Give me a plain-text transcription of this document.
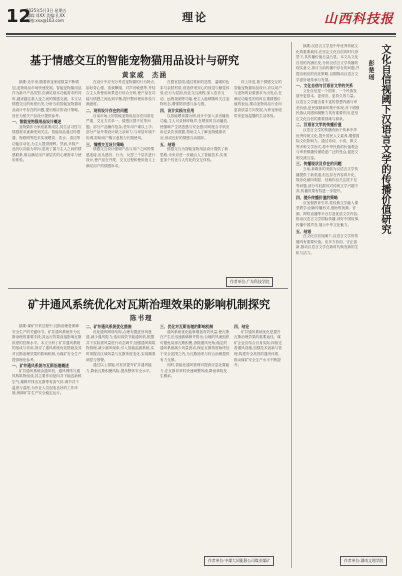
12
2025年5月3日 星期五
编辑:刘XX 美编:孔XX
邮箱:xxx@163.com	理论	山西科技报
基于情感交互的智能宠物猫用品设计与研究
黄家威　杰涵

摘要:近年来,随着养宠家庭数量不断增加,宠物用品市场快速发展。智能宠物猫用品作为新兴产品类型,在满足基本功能需求的同时,越来越注重人宠之间的情感交流。本文从情感交互的角度出发,分析当前智能宠物猫用品设计中存在的问题,提出相应的设计策略,旨在为相关产品设计提供参考。

一、智能宠物猫用品设计概述

宠物猫作为家庭重要成员,其生活习性与情感需求逐渐受到关注。智能用品通过传感器、物联网等技术实现喂食、饮水、清洁等功能自动化,为主人提供便利。然而,多数产品仍以功能为导向,忽视了猫与主人之间的情感联系,难以满足用户深层次的心理需求与使用体验。

在设计中应充分考虑宠物猫的行为特点,如好奇心强、喜欢攀爬、对声音敏感等,并结合主人的使用场景进行综合分析,使产品在功能与情感之间达到平衡,提升整体使用体验与满意度。

二、现有设计存在的问题

目前市场上的智能宠物用品存在同质化严重、交互方式单一、情感反馈不足等问题。部分产品操作复杂,老年用户难以上手;部分产品外观设计缺乏亲和力,与家居环境不协调,影响用户购买意愿与长期使用。

三、情感交互设计策略

情感交互设计强调产品与用户之间的情感连接,应从感官、行为、反思三个层次进行设计,使产品在外观、交互过程和使用意义上满足用户的情感诉求。

在感官层面,通过柔和的造型、温暖的色彩与亲肤材质,营造舒适安心的视觉与触觉体验;在行为层面,优化交互流程,加入语音互动、远程视频等功能,使主人能够随时关注宠物状态,增强陪伴感与参与感。

四、设计实践与应用

以智能喂食器为例,设计中加入录音播放功能,主人可录制呼唤声,在喂食时自动播放,使猫咪产生熟悉感与安全感;同时配合手机应用记录饮食数据,帮助主人了解宠物健康状况,形成良好的情感互动循环。

五、结语

情感交互为智能宠物用品设计提供了新思路,未来应进一步融合人工智能技术,实现更加个性化与人性化的交互体验。

综上所述,基于情感交互的智能宠物猫用品设计,应以用户与宠物的双重需求为出发点,在满足功能性的同时注重情感价值的表达,推动宠物用品行业向更高质量方向发展,为养宠家庭带来更加温馨的生活体验。

作者单位:广东科技学院
矿井通风系统优化对瓦斯治理效果的影响机制探究
陈书理

摘要:煤矿开采过程中,瓦斯治理是保障安全生产的关键环节。矿井通风系统作为瓦斯治理的重要手段,其运行效果直接影响瓦斯浓度的控制水平。本文分析了矿井通风系统的组成与作用,探讨了通风系统优化措施及其对瓦斯治理效果的影响机制,为煤矿安全生产提供理论参考。

一、矿井通风系统与瓦斯治理概述

矿井通风系统由通风机、通风网络与通风构筑物组成,其主要作用是向井下输送新鲜空气,稀释并排出瓦斯等有害气体,调节井下温度与湿度,为作业人员创造良好的工作环境,保障矿井生产安全稳定运行。

二、矿井通风系统优化措施

优化通风网络结构,合理布置进回风巷道,减少通风阻力;选用高效节能通风机,根据井下实际需风量进行动态调节;加强通风构筑物管理,减少漏风现象;引入智能监测系统,实时掌握各区域风量与瓦斯浓度变化,实现精准调控与预警。

通过以上措施,可有效提升矿井通风能力,降低瓦斯积聚风险,提高整体安全水平。

三、优化对瓦斯治理的影响机制

通风系统优化能够增加有效风量,使瓦斯在产生后迅速被稀释并排出;合理的风流组织可避免局部瓦斯积聚,消除通风死角;稳定的通风系统减少风量波动,保证瓦斯浓度始终处于安全范围之内,为瓦斯抽采与综合治理提供有力支撑。

同时,智能化通风管理可提高应急处置能力,在瓦斯异常时快速调整风流,降低事故发生概率。

四、结论

矿井通风系统优化是提升瓦斯治理效果的重要途径。煤矿企业应结合自身实际,持续完善通风设施,加强技术创新与管理,构建安全高效的通风体系,推动煤矿安全生产水平不断提升。

作者单位:中煤大同能源公司煤业煤矿
文化自信视阈下汉语言文学的传播价值研究
彭楚瑶

摘要:汉语言文学是中华优秀传统文化的重要载体,在坚定文化自信的时代背景下,其传播价值日益凸显。本文从文化自信的内涵出发,分析汉语言文学传播的现实意义,探讨当前传播中存在的问题,并提出相应的优化策略,以期推动汉语言文学更好地传承与发展。

一、文化自信与汉语言文学的关系

文化自信是一个国家、一个民族发展中更基本、更深沉、更持久的力量。汉语言文学蕴含着丰富的思想内涵与审美价值,是民族精神的集中体现,对于增强民族认同感和凝聚力具有重要作用,是坚定文化自信的重要基础与源泉。

二、汉语言文学的传播价值

汉语言文学的传播有助于传承中华优秀传统文化,提升国民人文素养,增强国际文化影响力。通过诗词、小说、散文等多种文学形式,将中华民族的价值观念与审美情趣传递给更广泛的受众,促进文明交流互鉴。

三、传播现状及存在的问题

当前,新媒体的发展为汉语言文学传播提供了新渠道,但也存在内容碎片化、娱乐化倾向明显、经典作品关注度不足等问题,部分年轻群体对传统文学兴趣不高,传播效果有待进一步提升。

四、提升传播价值的策略

应加强教育引导,将经典文学融入课堂教学;创新传播形式,借助短视频、音频、网络直播等平台打造优质文学内容;推动汉语言文学国际传播,讲好中国故事,传播中国声音,展示中华文化魅力。

五、结语

在文化自信视阈下,汉语言文学的传播具有重要价值。应多方协同、守正创新,推动汉语言文学在新时代焕发新的生机与活力。

作者单位:湖南文理学院
